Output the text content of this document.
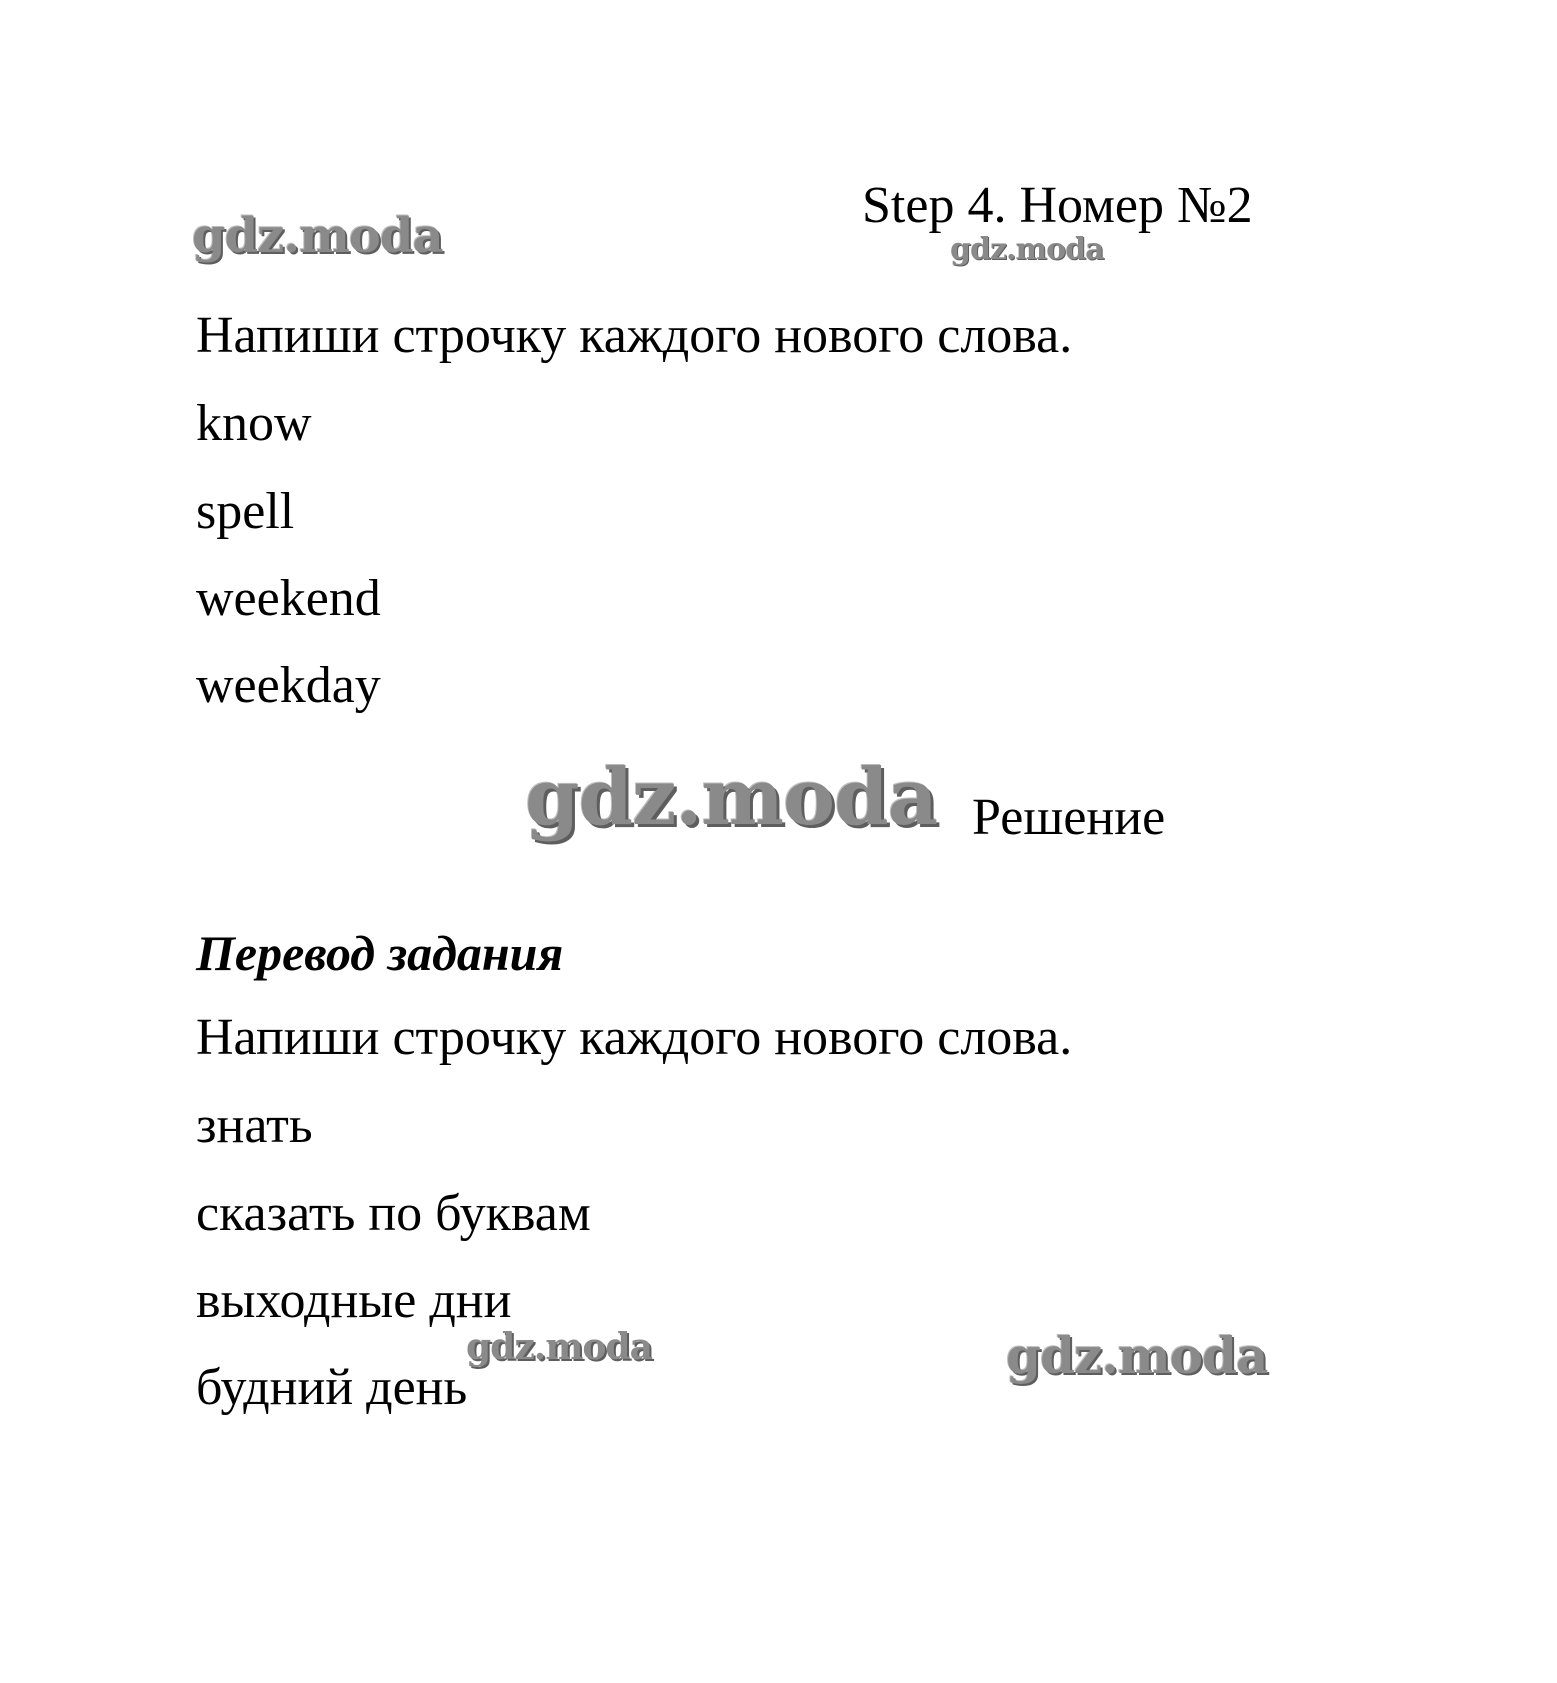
gdz.moda	gdz.moda
Step 4. Номер №2

Напиши строчку каждого нового слова.

know

spell

weekend

weekday

gdz.moda Решение
Перевод задания

Напиши строчку каждого нового слова.

знать

сказать по буквам

выходные дни

будний день

gdz.moda	gdz.moda
